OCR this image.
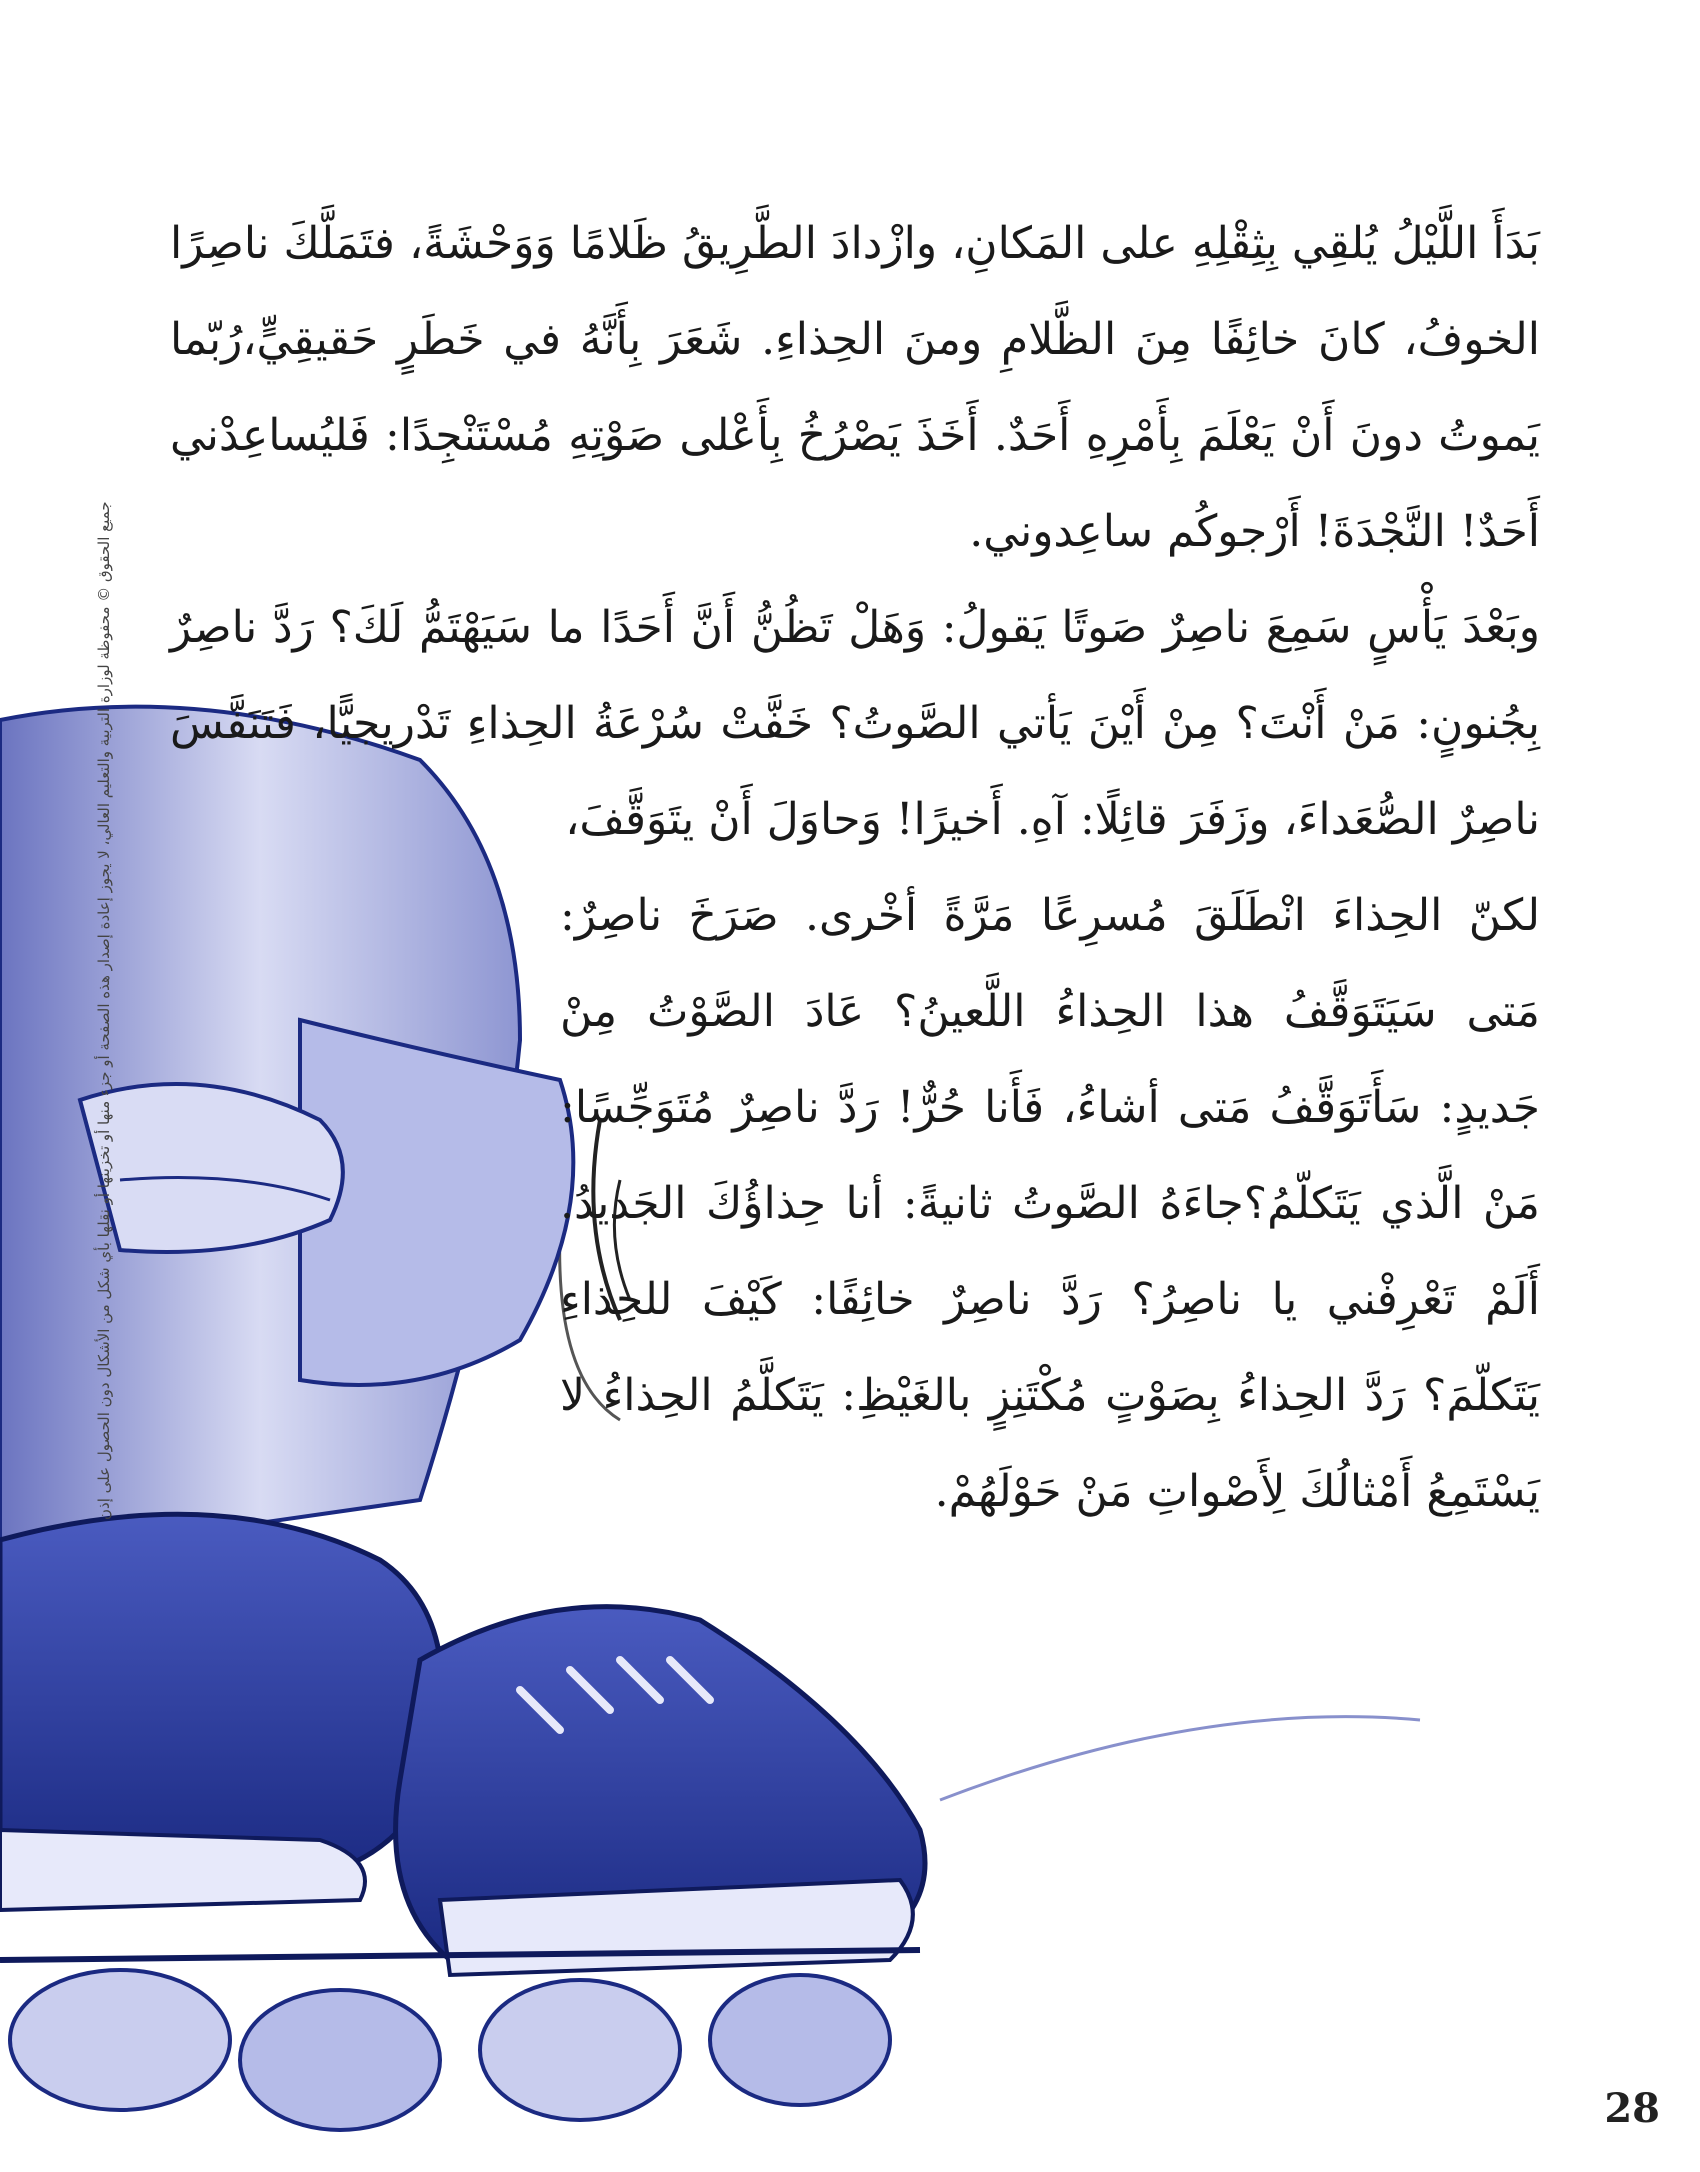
بَدَأَ اللَّيْلُ يُلقِي بِثِقْلِهِ على المَكانِ، وازْدادَ الطَّرِيقُ ظَلامًا وَوَحْشَةً، فتَمَلَّكَ ناصِرًا الخوفُ، كانَ خائِفًا مِنَ الظَّلامِ ومنَ الحِذاءِ. شَعَرَ بِأَنَّهُ في خَطَرٍ حَقيقِيٍّ،رُبّما يَموتُ دونَ أَنْ يَعْلَمَ بِأَمْرِهِ أَحَدٌ. أَخَذَ يَصْرُخُ بِأَعْلى صَوْتِهِ مُسْتَنْجِدًا: فَليُساعِدْني أَحَدٌ! النَّجْدَةَ! أَرْجوكُم ساعِدوني.

وبَعْدَ يَأْسٍ سَمِعَ ناصِرٌ صَوتًا يَقولُ: وَهَلْ تَظُنُّ أَنَّ أَحَدًا ما سَيَهْتَمُّ لَكَ؟ رَدَّ ناصِرٌ بِجُنونٍ: مَنْ أَنْتَ؟ مِنْ أَيْنَ يَأتي الصَّوتُ؟ خَفَّتْ سُرْعَةُ الحِذاءِ تَدْريجيًّا، فَتَنَفَّسَ ناصِرٌ الصُّعَداءَ، وزَفَرَ قائِلًا: آهِ. أَخيرًا! وَحاوَلَ أَنْ يتَوَقَّفَ،

لكنّ الحِذاءَ انْطَلَقَ مُسرِعًا مَرَّةً أخْرى. صَرَخَ ناصِرٌ: مَتى سَيَتَوَقَّفُ هذا الحِذاءُ اللَّعينُ؟ عَادَ الصَّوْتُ مِنْ جَديدٍ: سَأَتَوَقَّفُ مَتى أشاءُ، فَأَنا حُرٌّ! رَدَّ ناصِرٌ مُتَوَجِّسًا: مَنْ الَّذي يَتَكلّمُ؟جاءَهُ الصَّوتُ ثانيةً: أنا حِذاؤُكَ الجَديدُ. أَلَمْ تَعْرِفْني يا ناصِرُ؟ رَدَّ ناصِرٌ خائِفًا: كَيْفَ للحِذاءِ يَتَكلّمَ؟ رَدَّ الحِذاءُ بِصَوْتٍ مُكْتَنِزٍ بالغَيْظِ: يَتَكلَّمُ الحِذاءُ لا يَسْتَمِعُ أَمْثالُكَ لِأَصْواتِ مَنْ حَوْلَهُمْ.

جميع الحقوق © محفوظة لوزارة التربية والتعليم العالي، لا يجوز إعادة إصدار هذه الصفحة أو جزء منها أو تخزينها أو نقلها بأي شكل من الأشكال دون الحصول على إذن
28
